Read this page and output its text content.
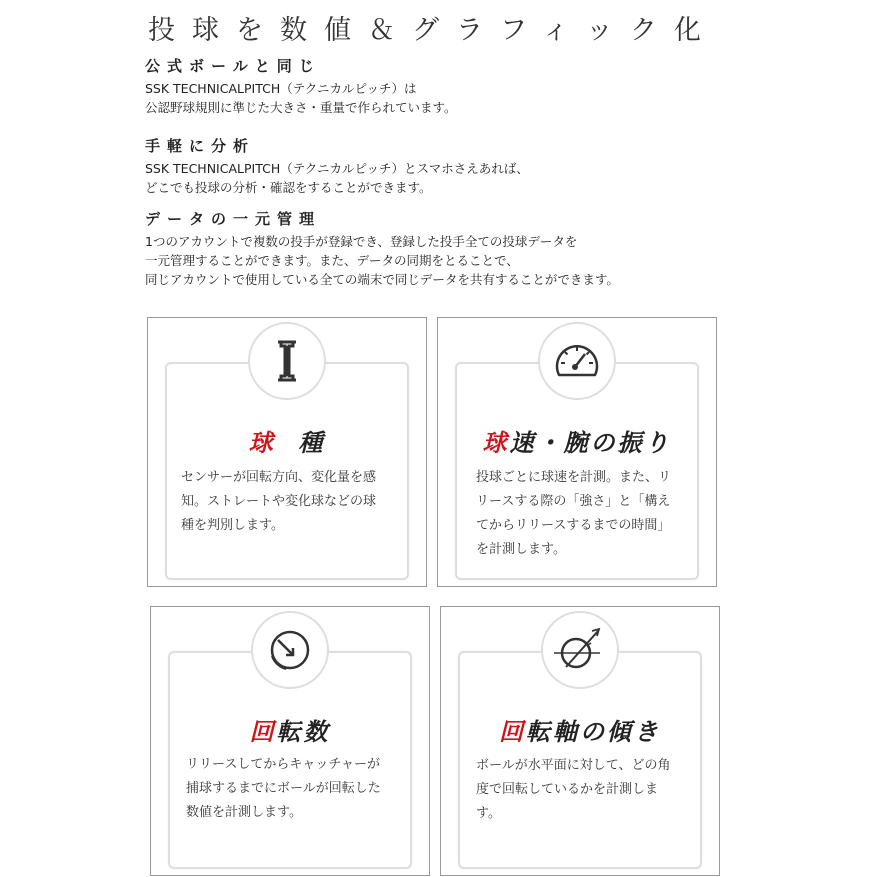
投球を数値＆グラフィック化
公式ボールと同じ

SSK TECHNICALPITCH（テクニカルピッチ）は
公認野球規則に準じた大きさ・重量で作られています。

手軽に分析

SSK TECHNICALPITCH（テクニカルピッチ）とスマホさえあれば、
どこでも投球の分析・確認をすることができます。

データの一元管理

1つのアカウントで複数の投手が登録でき、登録した投手全ての投球データを
一元管理することができます。また、データの同期をとることで、
同じアカウントで使用している全ての端末で同じデータを共有することができます。

球 種
センサーが回転方向、変化量を感
知。ストレートや変化球などの球
種を判別します。
球速・腕の振り
投球ごとに球速を計測。また、リ
リースする際の「強さ」と「構え
てからリリースするまでの時間」
を計測します。
回転数
リリースしてからキャッチャーが
捕球するまでにボールが回転した
数値を計測します。
回転軸の傾き
ボールが水平面に対して、どの角
度で回転しているかを計測しま
す。
